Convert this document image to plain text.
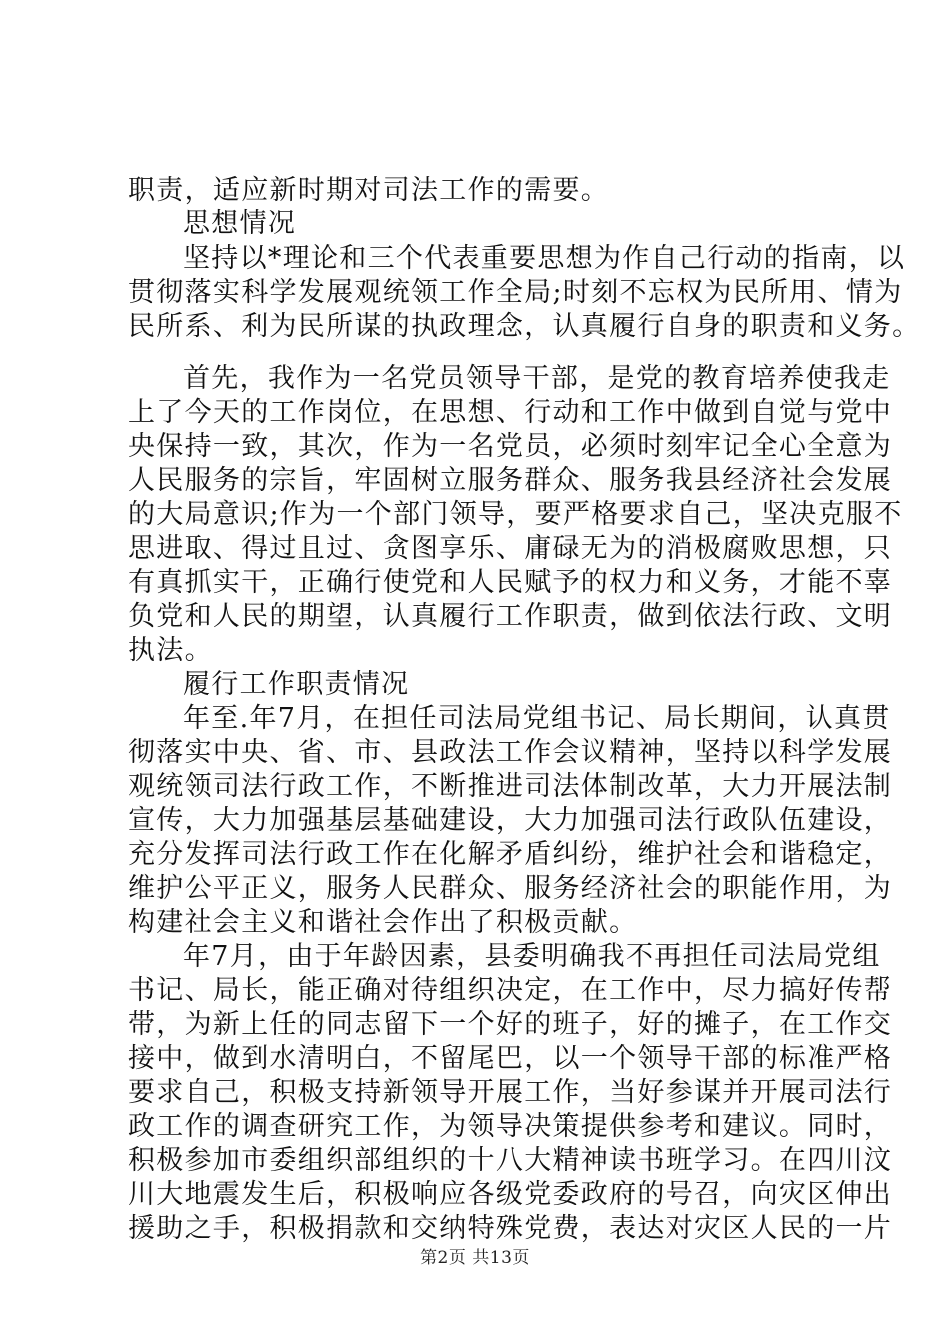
职责，适应新时期对司法工作的需要。
思想情况
坚持以*理论和三个代表重要思想为作自己行动的指南，以
贯彻落实科学发展观统领工作全局;时刻不忘权为民所用、情为
民所系、利为民所谋的执政理念，认真履行自身的职责和义务。
首先，我作为一名党员领导干部，是党的教育培养使我走
上了今天的工作岗位，在思想、行动和工作中做到自觉与党中
央保持一致，其次，作为一名党员，必须时刻牢记全心全意为
人民服务的宗旨，牢固树立服务群众、服务我县经济社会发展
的大局意识;作为一个部门领导，要严格要求自己，坚决克服不
思进取、得过且过、贪图享乐、庸碌无为的消极腐败思想，只
有真抓实干，正确行使党和人民赋予的权力和义务，才能不辜
负党和人民的期望，认真履行工作职责，做到依法行政、文明
执法。
履行工作职责情况
年至.年7月，在担任司法局党组书记、局长期间，认真贯
彻落实中央、省、市、县政法工作会议精神，坚持以科学发展
观统领司法行政工作，不断推进司法体制改革，大力开展法制
宣传，大力加强基层基础建设，大力加强司法行政队伍建设，
充分发挥司法行政工作在化解矛盾纠纷，维护社会和谐稳定，
维护公平正义，服务人民群众、服务经济社会的职能作用，为
构建社会主义和谐社会作出了积极贡献。
年7月，由于年龄因素，县委明确我不再担任司法局党组
书记、局长，能正确对待组织决定，在工作中，尽力搞好传帮
带，为新上任的同志留下一个好的班子，好的摊子，在工作交
接中，做到水清明白，不留尾巴，以一个领导干部的标准严格
要求自己，积极支持新领导开展工作，当好参谋并开展司法行
政工作的调查研究工作，为领导决策提供参考和建议。同时，
积极参加市委组织部组织的十八大精神读书班学习。在四川汶
川大地震发生后，积极响应各级党委政府的号召，向灾区伸出
援助之手，积极捐款和交纳特殊党费，表达对灾区人民的一片
第2页 共13页
